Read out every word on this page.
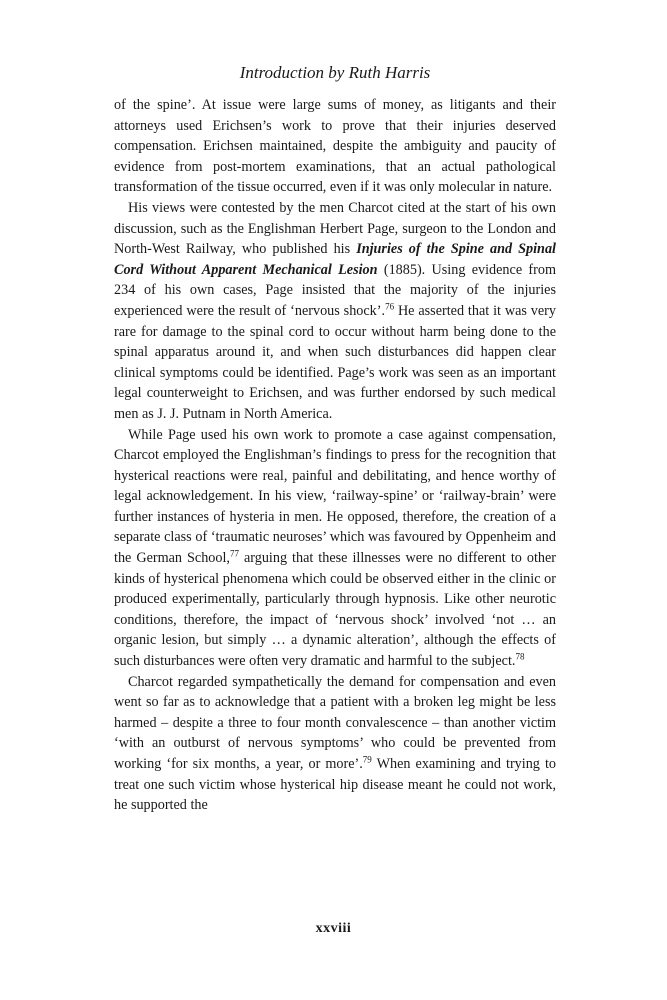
Introduction by Ruth Harris

of the spine’. At issue were large sums of money, as litigants and their attorneys used Erichsen’s work to prove that their injuries deserved compensation. Erichsen maintained, despite the ambiguity and paucity of evidence from post-mortem examinations, that an actual pathological transformation of the tissue occurred, even if it was only molecular in nature.

His views were contested by the men Charcot cited at the start of his own discussion, such as the Englishman Herbert Page, surgeon to the London and North-West Railway, who published his Injuries of the Spine and Spinal Cord Without Apparent Mechanical Lesion (1885). Using evidence from 234 of his own cases, Page insisted that the majority of the injuries experienced were the result of ‘nervous shock’.$^{76}$ He asserted that it was very rare for damage to the spinal cord to occur without harm being done to the spinal apparatus around it, and when such disturbances did happen clear clinical symptoms could be identified. Page’s work was seen as an important legal counterweight to Erichsen, and was further endorsed by such medical men as J. J. Putnam in North America.

While Page used his own work to promote a case against compensation, Charcot employed the Englishman’s findings to press for the recognition that hysterical reactions were real, painful and debilitating, and hence worthy of legal acknowledgement. In his view, ‘railway-spine’ or ‘railway-brain’ were further instances of hysteria in men. He opposed, therefore, the creation of a separate class of ‘traumatic neuroses’ which was favoured by Oppenheim and the German School,$^{77}$ arguing that these illnesses were no different to other kinds of hysterical phenomena which could be observed either in the clinic or produced experimentally, particularly through hypnosis. Like other neurotic conditions, therefore, the impact of ‘nervous shock’ involved ‘not … an organic lesion, but simply … a dynamic alteration’, although the effects of such disturbances were often very dramatic and harmful to the subject.$^{78}$

Charcot regarded sympathetically the demand for compensation and even went so far as to acknowledge that a patient with a broken leg might be less harmed – despite a three to four month convalescence – than another victim ‘with an outburst of nervous symptoms’ who could be prevented from working ‘for six months, a year, or more’.$^{79}$ When examining and trying to treat one such victim whose hysterical hip disease meant he could not work, he supported the

xxviii
